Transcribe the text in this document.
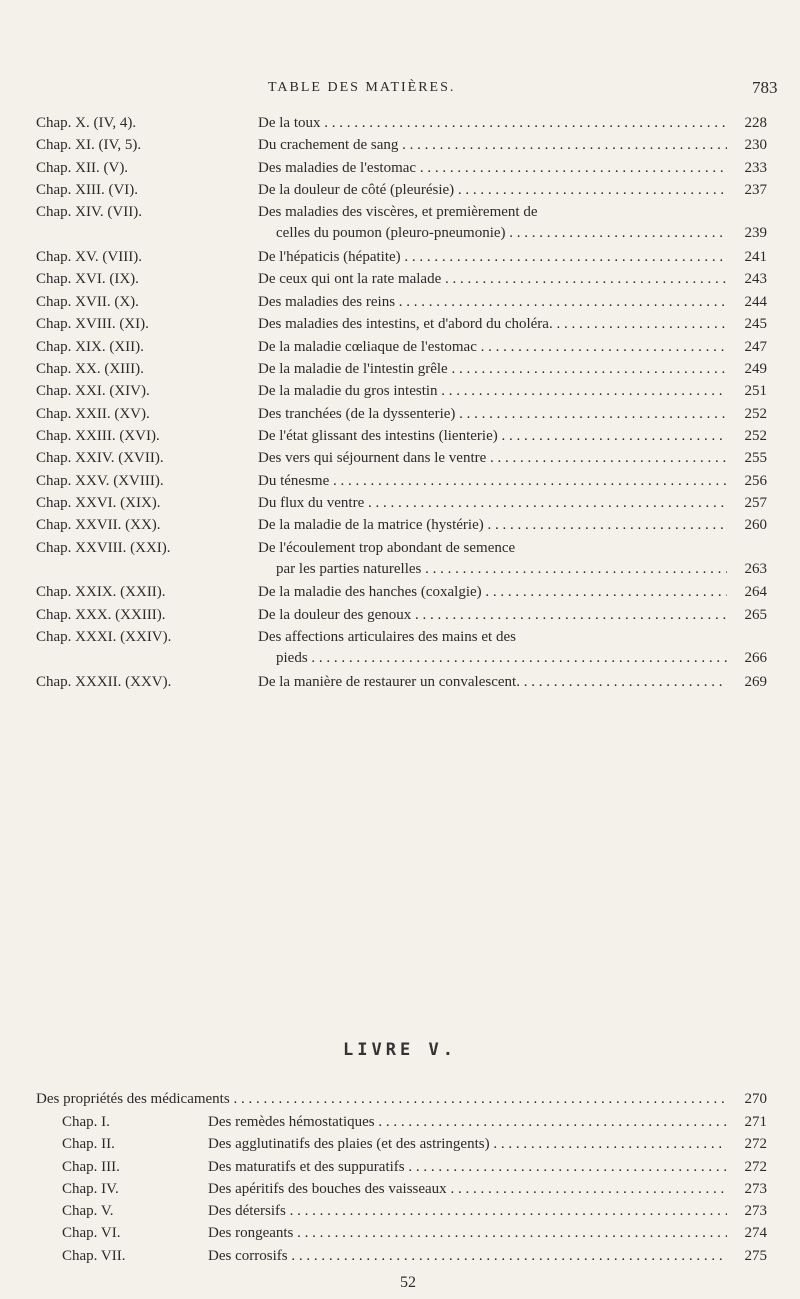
TABLE DES MATIÈRES.	783
Chap. X. (IV, 4).	De la toux . . .	228
Chap. XI. (IV, 5).	Du crachement de sang . . .	230
Chap. XII. (V).	Des maladies de l'estomac . . .	233
Chap. XIII. (VI).	De la douleur de côté (pleurésie) . . .	237
Chap. XIV. (VII).	Des maladies des viscères, et premièrement de
celles du poumon (pleuro-pneumonie) . . .	239
Chap. XV. (VIII).	De l'hépaticis (hépatite) . . .	241
Chap. XVI. (IX).	De ceux qui ont la rate malade . . .	243
Chap. XVII. (X).	Des maladies des reins . . .	244
Chap. XVIII. (XI).	Des maladies des intestins, et d'abord du choléra. . . .	245
Chap. XIX. (XII).	De la maladie cœliaque de l'estomac . . .	247
Chap. XX. (XIII).	De la maladie de l'intestin grêle . . .	249
Chap. XXI. (XIV).	De la maladie du gros intestin . . .	251
Chap. XXII. (XV).	Des tranchées (de la dyssenterie) . . .	252
Chap. XXIII. (XVI).	De l'état glissant des intestins (lienterie) . . .	252
Chap. XXIV. (XVII).	Des vers qui séjournent dans le ventre . . .	255
Chap. XXV. (XVIII).	Du ténesme . . .	256
Chap. XXVI. (XIX).	Du flux du ventre . . .	257
Chap. XXVII. (XX).	De la maladie de la matrice (hystérie) . . .	260
Chap. XXVIII. (XXI).	De l'écoulement trop abondant de semence
par les parties naturelles . . .	263
Chap. XXIX. (XXII).	De la maladie des hanches (coxalgie) . . .	264
Chap. XXX. (XXIII).	De la douleur des genoux . . .	265
Chap. XXXI. (XXIV).	Des affections articulaires des mains et des
pieds . . .	266
Chap. XXXII. (XXV).	De la manière de restaurer un convalescent. . . .	269
LIVRE V.
Des propriétés des médicaments . . .	270
Chap. I.	Des remèdes hémostatiques . . .	271
Chap. II.	Des agglutinatifs des plaies (et des astringents) . . .	272
Chap. III.	Des maturatifs et des suppuratifs . . .	272
Chap. IV.	Des apéritifs des bouches des vaisseaux . . .	273
Chap. V.	Des détersifs . . .	273
Chap. VI.	Des rongeants . . .	274
Chap. VII.	Des corrosifs . . .	275
52
